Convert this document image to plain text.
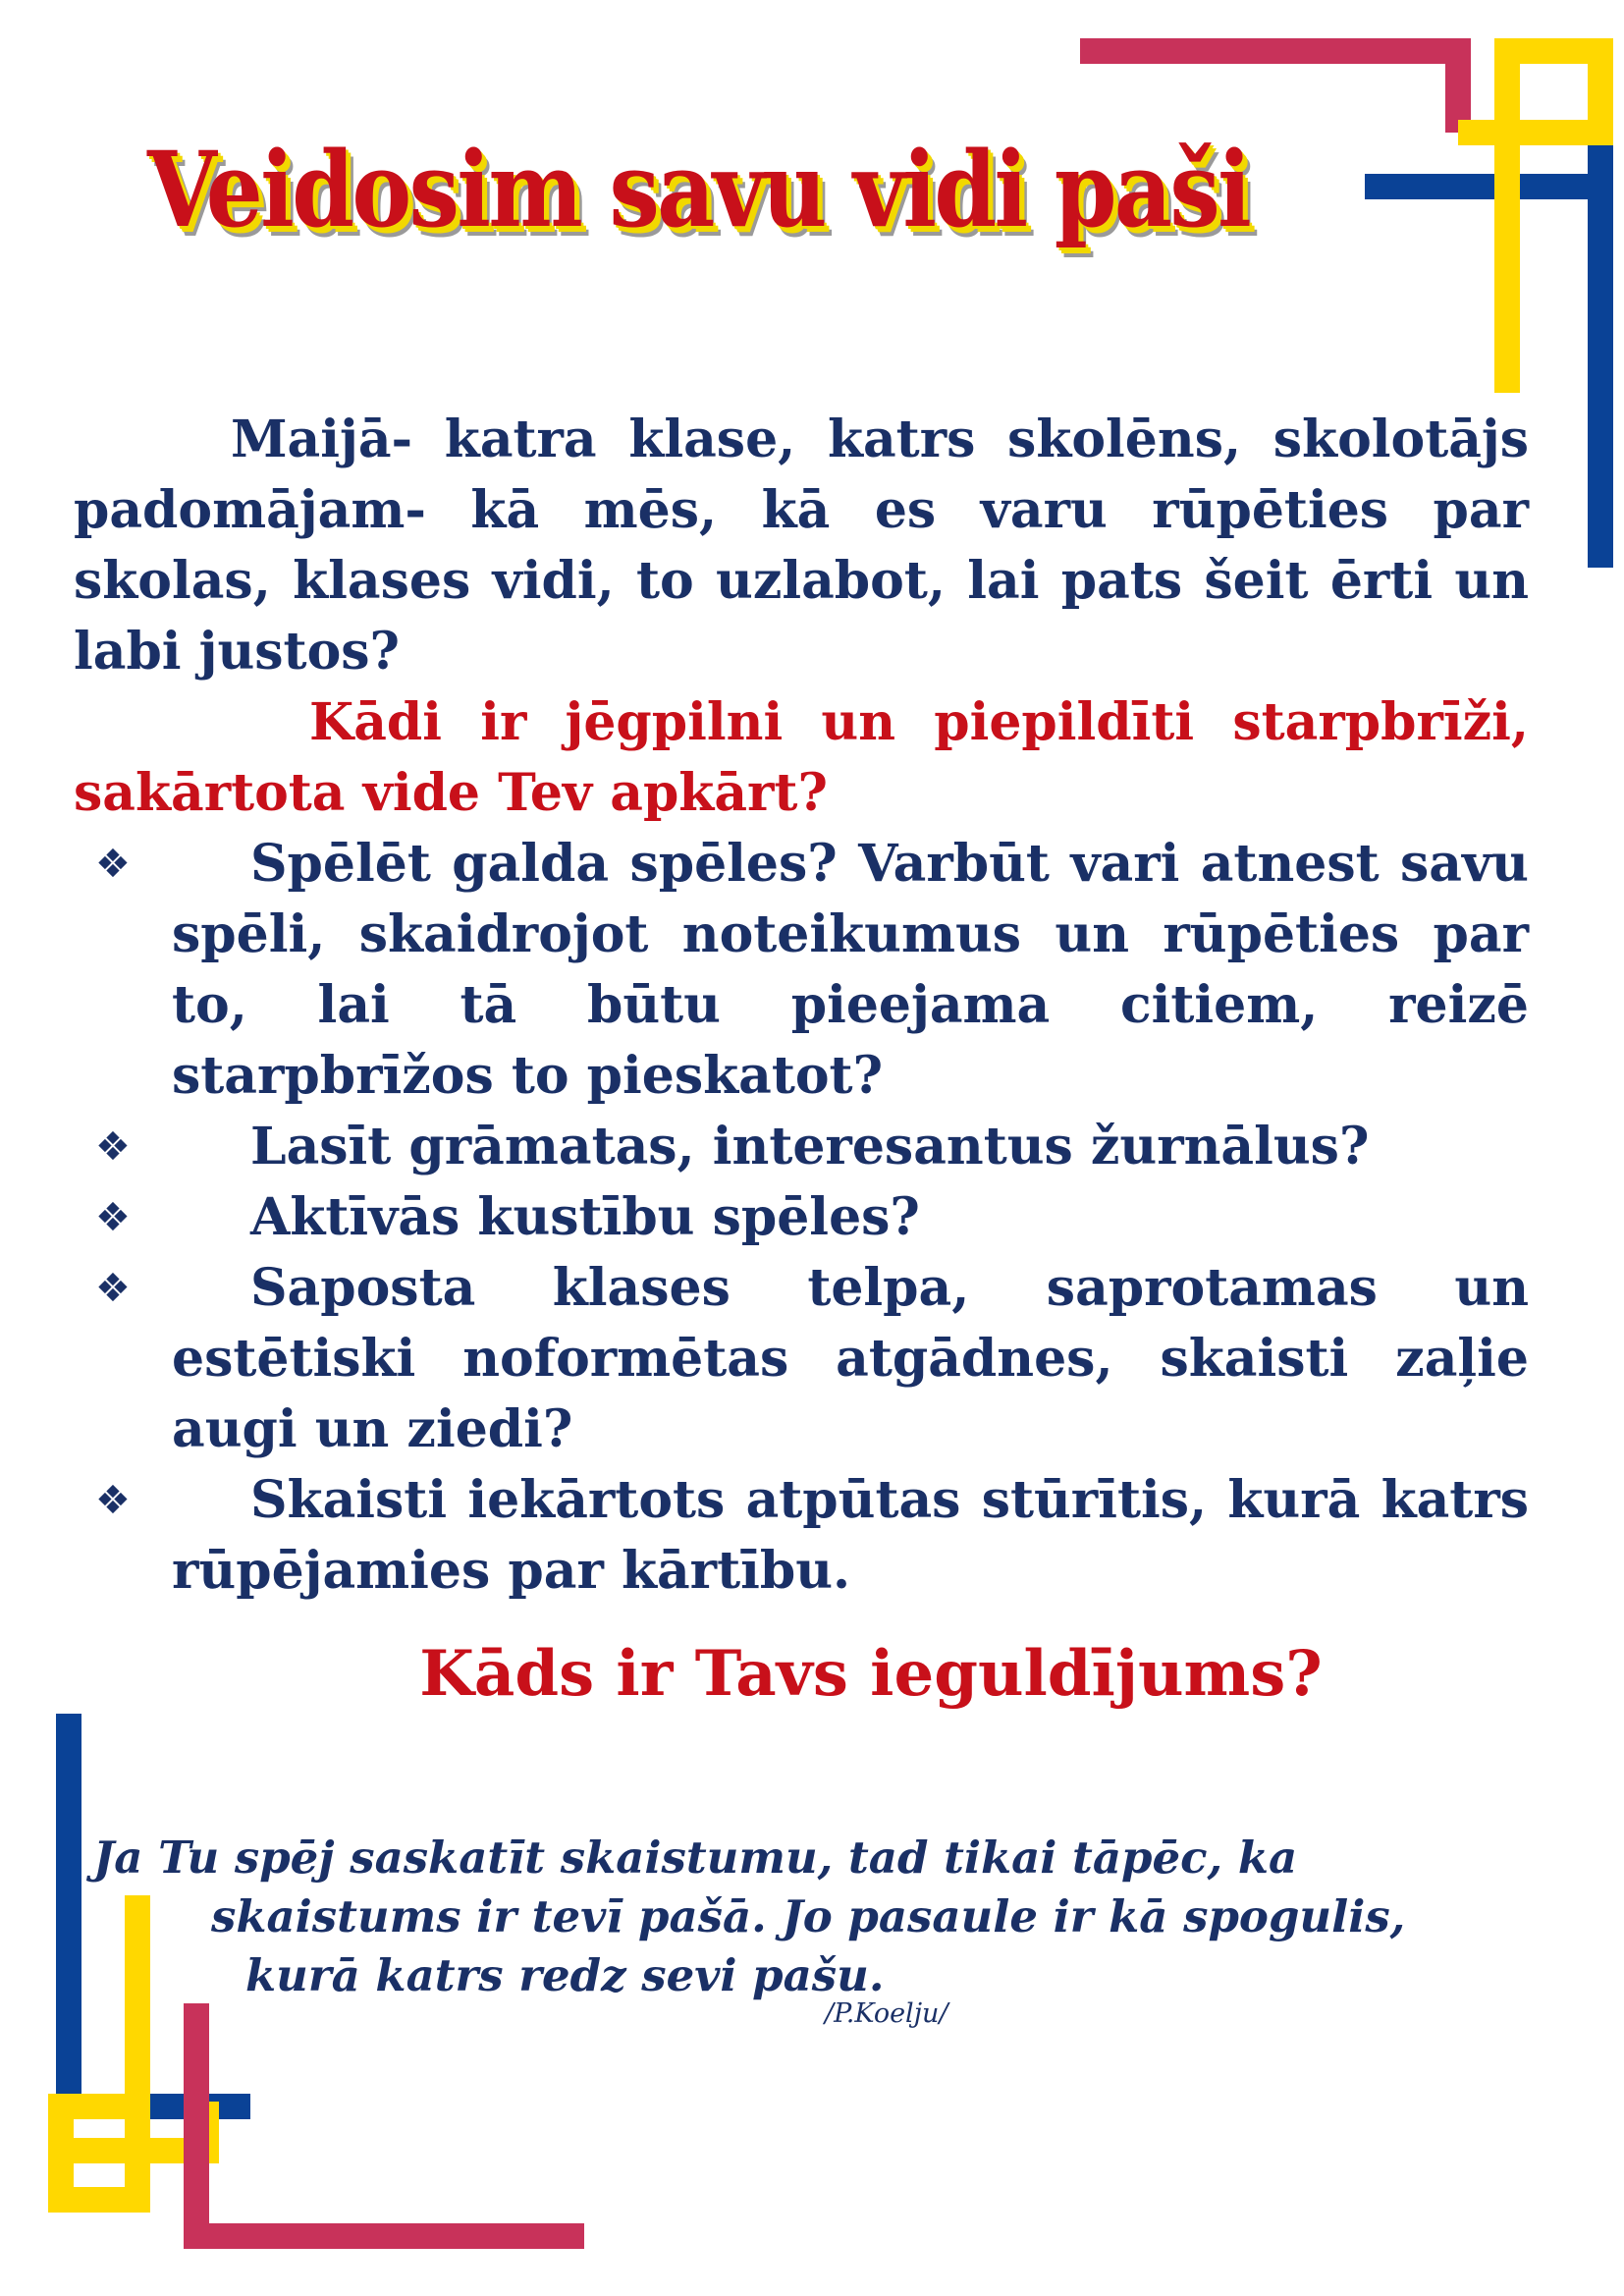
Veidosim savu vidi paši

Maijā- katra klase, katrs skolēns, skolotājs padomājam- kā mēs, kā es varu rūpēties par skolas, klases vidi, to uzlabot, lai pats šeit ērti un labi justos?

Kādi ir jēgpilni un piepildīti starpbrīži, sakārtota vide Tev apkārt?

❖ Spēlēt galda spēles? Varbūt vari atnest savu spēli, skaidrojot noteikumus un rūpēties par to, lai tā būtu pieejama citiem, reizē starpbrīžos to pieskatot?
❖ Lasīt grāmatas, interesantus žurnālus?
❖ Aktīvās kustību spēles?
❖ Saposta klases telpa, saprotamas un estētiski noformētas atgādnes, skaisti zaļie augi un ziedi?
❖ Skaisti iekārtots atpūtas stūrītis, kurā katrs rūpējamies par kārtību.

Kāds ir Tavs ieguldījums?

Ja Tu spēj saskatīt skaistumu, tad tikai tāpēc, ka
skaistums ir tevī pašā. Jo pasaule ir kā spogulis,
kurā katrs redz sevi pašu.
/P.Koelju/
